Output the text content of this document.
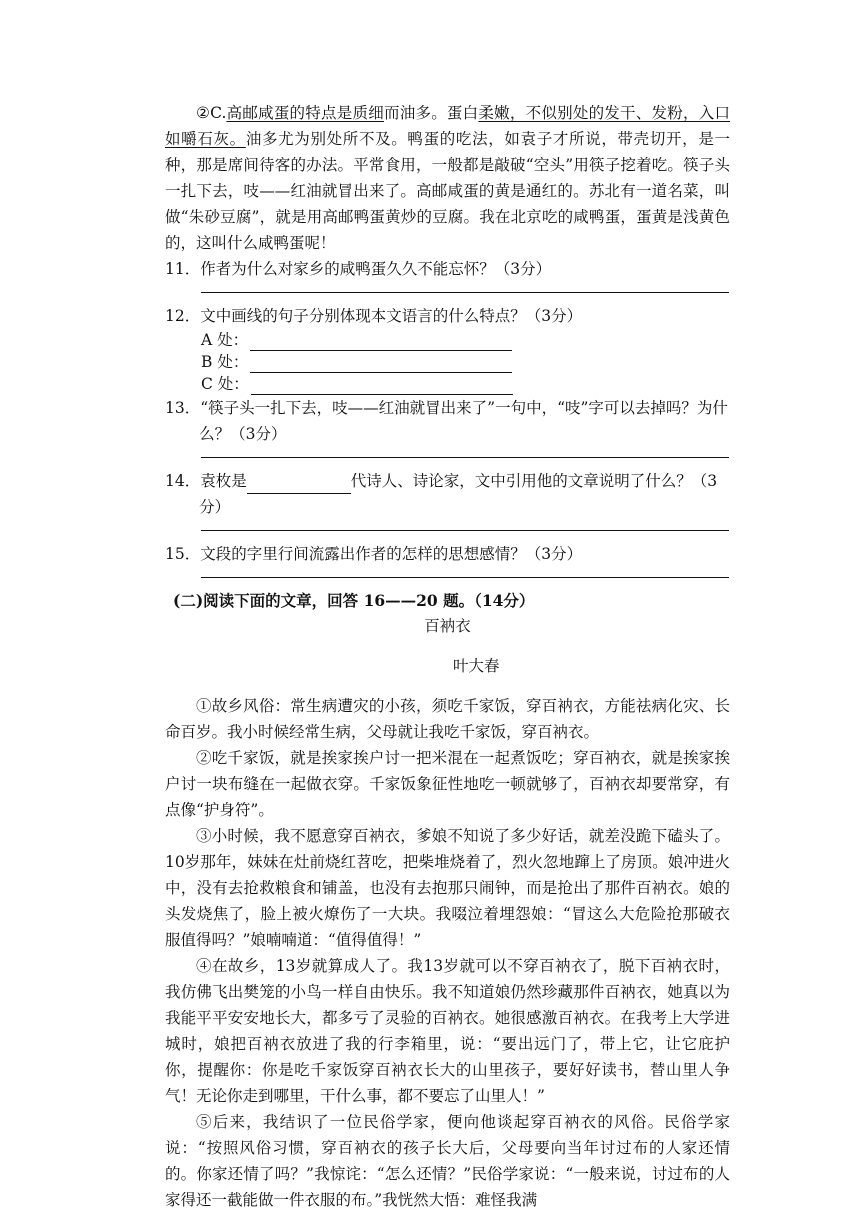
②C.高邮咸蛋的特点是质细而油多。蛋白柔嫩，不似别处的发干、发粉，入口如嚼石灰。油多尤为别处所不及。鸭蛋的吃法，如袁子才所说，带壳切开，是一种，那是席间待客的办法。平常食用，一般都是敲破“空头”用筷子挖着吃。筷子头一扎下去，吱——红油就冒出来了。高邮咸蛋的黄是通红的。苏北有一道名菜，叫做“朱砂豆腐”，就是用高邮鸭蛋黄炒的豆腐。我在北京吃的咸鸭蛋，蛋黄是浅黄色的，这叫什么咸鸭蛋呢！

11．作者为什么对家乡的咸鸭蛋久久不能忘怀？（3分）

12．文中画线的句子分别体现本文语言的什么特点？（3分）

A 处：

B 处：

C 处：

13．“筷子头一扎下去，吱——红油就冒出来了”一句中，“吱”字可以去掉吗？为什么？（3分）

14．袁枚是	代诗人、诗论家，文中引用他的文章说明了什么？（3分）

15．文段的字里行间流露出作者的怎样的思想感情？（3分）

(二)阅读下面的文章，回答 16——20 题。（14分）

百衲衣

叶大春

①故乡风俗：常生病遭灾的小孩，须吃千家饭，穿百衲衣，方能祛病化灾、长命百岁。我小时候经常生病，父母就让我吃千家饭，穿百衲衣。

②吃千家饭，就是挨家挨户讨一把米混在一起煮饭吃；穿百衲衣，就是挨家挨户讨一块布缝在一起做衣穿。千家饭象征性地吃一顿就够了，百衲衣却要常穿，有点像“护身符”。

③小时候，我不愿意穿百衲衣，爹娘不知说了多少好话，就差没跪下磕头了。10岁那年，妹妹在灶前烧红苕吃，把柴堆烧着了，烈火忽地蹿上了房顶。娘冲进火中，没有去抢救粮食和铺盖，也没有去抱那只闹钟，而是抢出了那件百衲衣。娘的头发烧焦了，脸上被火燎伤了一大块。我啜泣着埋怨娘：“冒这么大危险抢那破衣服值得吗？”娘喃喃道：“值得值得！”

④在故乡，13岁就算成人了。我13岁就可以不穿百衲衣了，脱下百衲衣时，我仿佛飞出樊笼的小鸟一样自由快乐。我不知道娘仍然珍藏那件百衲衣，她真以为我能平平安安地长大，都多亏了灵验的百衲衣。她很感激百衲衣。在我考上大学进城时，娘把百衲衣放进了我的行李箱里，说：“要出远门了，带上它，让它庇护你，提醒你：你是吃千家饭穿百衲衣长大的山里孩子，要好好读书，替山里人争气！无论你走到哪里，干什么事，都不要忘了山里人！”

⑤后来，我结识了一位民俗学家，便向他谈起穿百衲衣的风俗。民俗学家说：“按照风俗习惯，穿百衲衣的孩子长大后，父母要向当年讨过布的人家还情的。你家还情了吗？”我惊诧：“怎么还情？”民俗学家说：“一般来说，讨过布的人家得还一截能做一件衣服的布。”我恍然大悟：难怪我满
